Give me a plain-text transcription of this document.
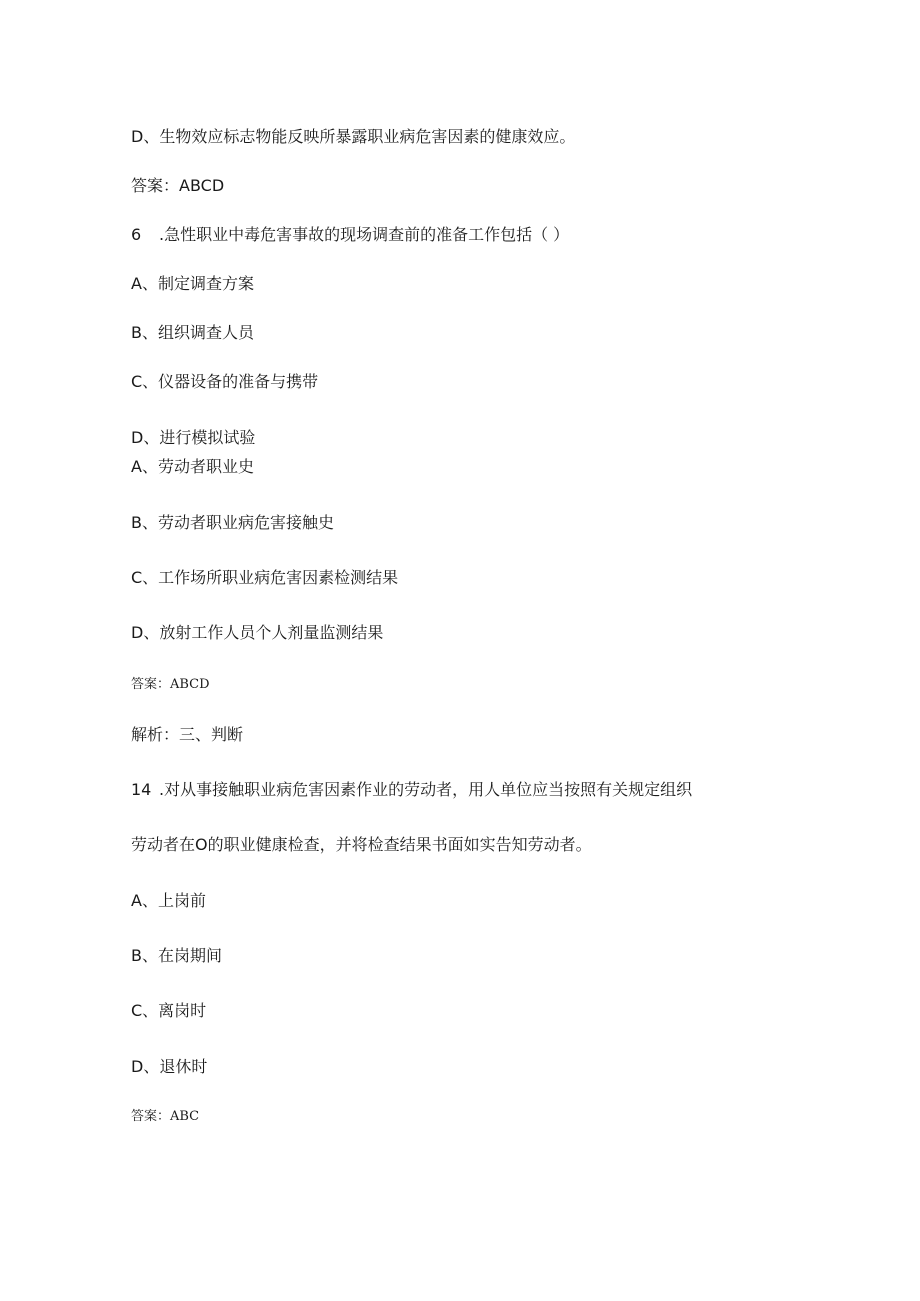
D、生物效应标志物能反映所暴露职业病危害因素的健康效应。
答案：ABCD
6 .急性职业中毒危害事故的现场调查前的准备工作包括（ ）
A、制定调查方案
B、组织调查人员
C、仪器设备的准备与携带
D、进行模拟试验
A、劳动者职业史
B、劳动者职业病危害接触史
C、工作场所职业病危害因素检测结果
D、放射工作人员个人剂量监测结果
答案：ABCD
解析：三、判断
14 .对从事接触职业病危害因素作业的劳动者，用人单位应当按照有关规定组织
劳动者在O的职业健康检查，并将检查结果书面如实告知劳动者。
A、上岗前
B、在岗期间
C、离岗时
D、退休时
答案：ABC
